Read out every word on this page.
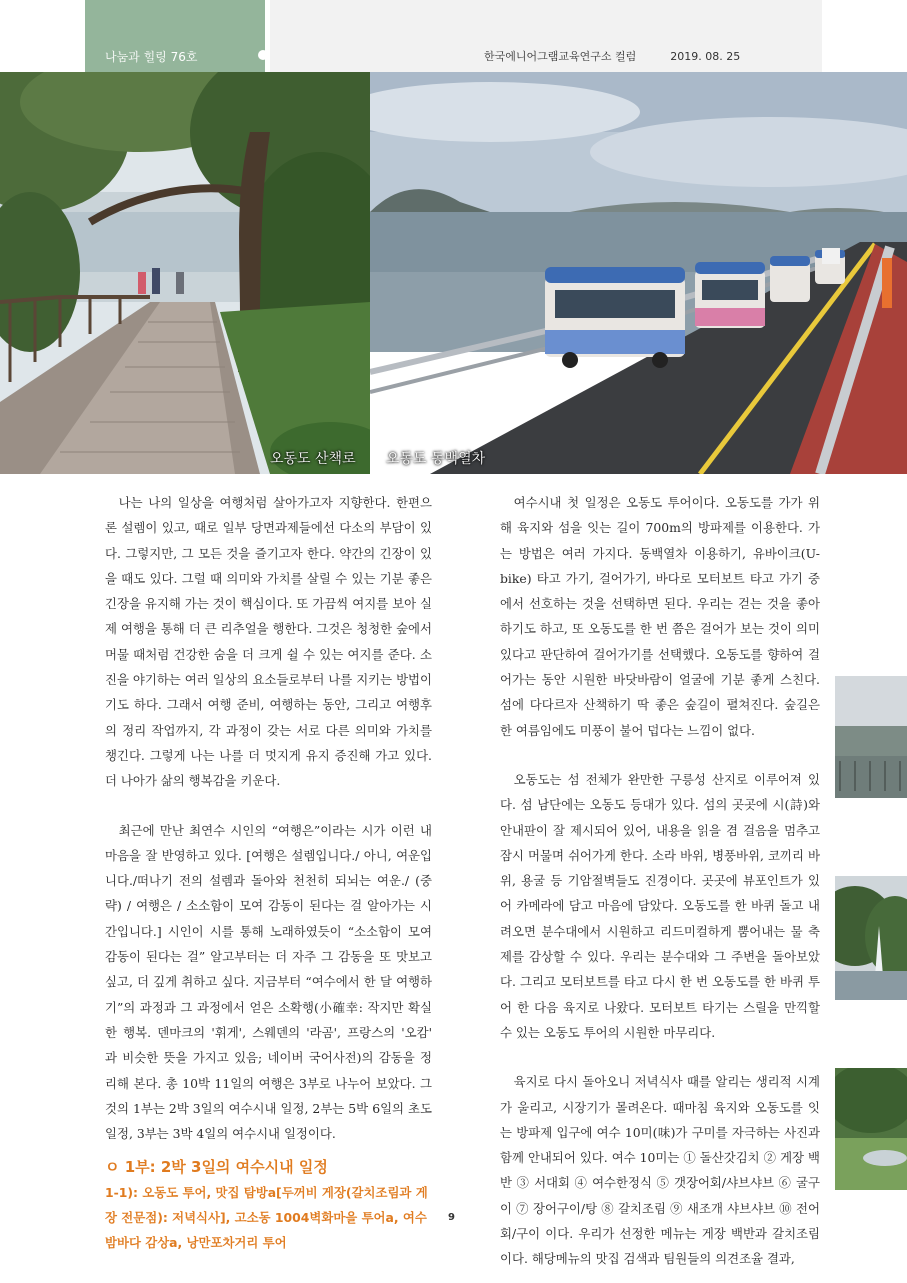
나눔과 힐링 76호	한국에니어그램교육연구소 컬럼	2019. 08. 25
오동도 산책로 오동도 동백열차

나는 나의 일상을 여행처럼 살아가고자 지향한다. 한편으론 설렘이 있고, 때로 일부 당면과제들에선 다소의 부담이 있다. 그렇지만, 그 모든 것을 즐기고자 한다. 약간의 긴장이 있을 때도 있다. 그럴 때 의미와 가치를 살릴 수 있는 기분 좋은 긴장을 유지해 가는 것이 핵심이다. 또 가끔씩 여지를 보아 실제 여행을 통해 더 큰 리추얼을 행한다. 그것은 청청한 숲에서 머물 때처럼 건강한 숨을 더 크게 쉴 수 있는 여지를 준다. 소진을 야기하는 여러 일상의 요소들로부터 나를 지키는 방법이기도 하다. 그래서 여행 준비, 여행하는 동안, 그리고 여행후의 정리 작업까지, 각 과정이 갖는 서로 다른 의미와 가치를 챙긴다. 그렇게 나는 나를 더 멋지게 유지 증진해 가고 있다. 더 나아가 삶의 행복감을 키운다.

최근에 만난 최연수 시인의 “여행은”이라는 시가 이런 내 마음을 잘 반영하고 있다. [여행은 설렘입니다./ 아니, 여운입니다./떠나기 전의 설렘과 돌아와 천천히 되뇌는 여운./ (중략) / 여행은 / 소소함이 모여 감동이 된다는 걸 알아가는 시간입니다.] 시인이 시를 통해 노래하였듯이 “소소함이 모여 감동이 된다는 걸” 알고부터는 더 자주 그 감동을 또 맛보고 싶고, 더 깊게 취하고 싶다. 지금부터 “여수에서 한 달 여행하기”의 과정과 그 과정에서 얻은 소확행(小確幸: 작지만 확실한 행복. 덴마크의 '휘게', 스웨덴의 '라곰', 프랑스의 '오캄' 과 비슷한 뜻을 가지고 있음; 네이버 국어사전)의 감동을 정리해 본다. 총 10박 11일의 여행은 3부로 나누어 보았다. 그것의 1부는 2박 3일의 여수시내 일정, 2부는 5박 6일의 초도 일정, 3부는 3박 4일의 여수시내 일정이다.

ㅇ 1부: 2박 3일의 여수시내 일정
1-1): 오동도 투어, 맛집 탐방a[두꺼비 게장(갈치조림과 게장 전문점): 저녁식사], 고소동 1004벽화마을 투어a, 여수 밤바다 감상a, 낭만포차거리 투어

여수시내 첫 일정은 오동도 투어이다. 오동도를 가가 위해 육지와 섬을 잇는 길이 700m의 방파제를 이용한다. 가는 방법은 여러 가지다. 동백열차 이용하기, 유바이크(U-bike) 타고 가기, 걸어가기, 바다로 모터보트 타고 가기 중에서 선호하는 것을 선택하면 된다. 우리는 걷는 것을 좋아하기도 하고, 또 오동도를 한 번 쯤은 걸어가 보는 것이 의미 있다고 판단하여 걸어가기를 선택했다. 오동도를 향하여 걸어가는 동안 시원한 바닷바람이 얼굴에 기분 좋게 스친다. 섬에 다다르자 산책하기 딱 좋은 숲길이 펼쳐진다. 숲길은 한 여름임에도 미풍이 불어 덥다는 느낌이 없다.

오동도는 섬 전체가 완만한 구릉성 산지로 이루어져 있다. 섬 남단에는 오동도 등대가 있다. 섬의 곳곳에 시(詩)와 안내판이 잘 제시되어 있어, 내용을 읽을 겸 걸음을 멈추고 잠시 머물며 쉬어가게 한다. 소라 바위, 병풍바위, 코끼리 바위, 용굴 등 기암절벽들도 진경이다. 곳곳에 뷰포인트가 있어 카메라에 담고 마음에 담았다. 오동도를 한 바퀴 돌고 내려오면 분수대에서 시원하고 리드미컬하게 뿜어내는 물 축제를 감상할 수 있다. 우리는 분수대와 그 주변을 돌아보았다. 그리고 모터보트를 타고 다시 한 번 오동도를 한 바퀴 투어 한 다음 육지로 나왔다. 모터보트 타기는 스릴을 만끽할 수 있는 오동도 투어의 시원한 마무리다.

육지로 다시 돌아오니 저녁식사 때를 알리는 생리적 시계가 울리고, 시장기가 몰려온다. 때마침 육지와 오동도를 잇는 방파제 입구에 여수 10미(味)가 구미를 자극하는 사진과 함께 안내되어 있다. 여수 10미는 ① 돌산갓김치 ② 게장 백반 ③ 서대회 ④ 여수한정식 ⑤ 갯장어회/샤브샤브 ⑥ 굴구이 ⑦ 장어구이/탕 ⑧ 갈치조림 ⑨ 새조개 샤브샤브 ⑩ 전어회/구이 이다. 우리가 선정한 메뉴는 게장 백반과 갈치조림이다. 해당메뉴의 맛집 검색과 팀원들의 의견조율 결과,

9
